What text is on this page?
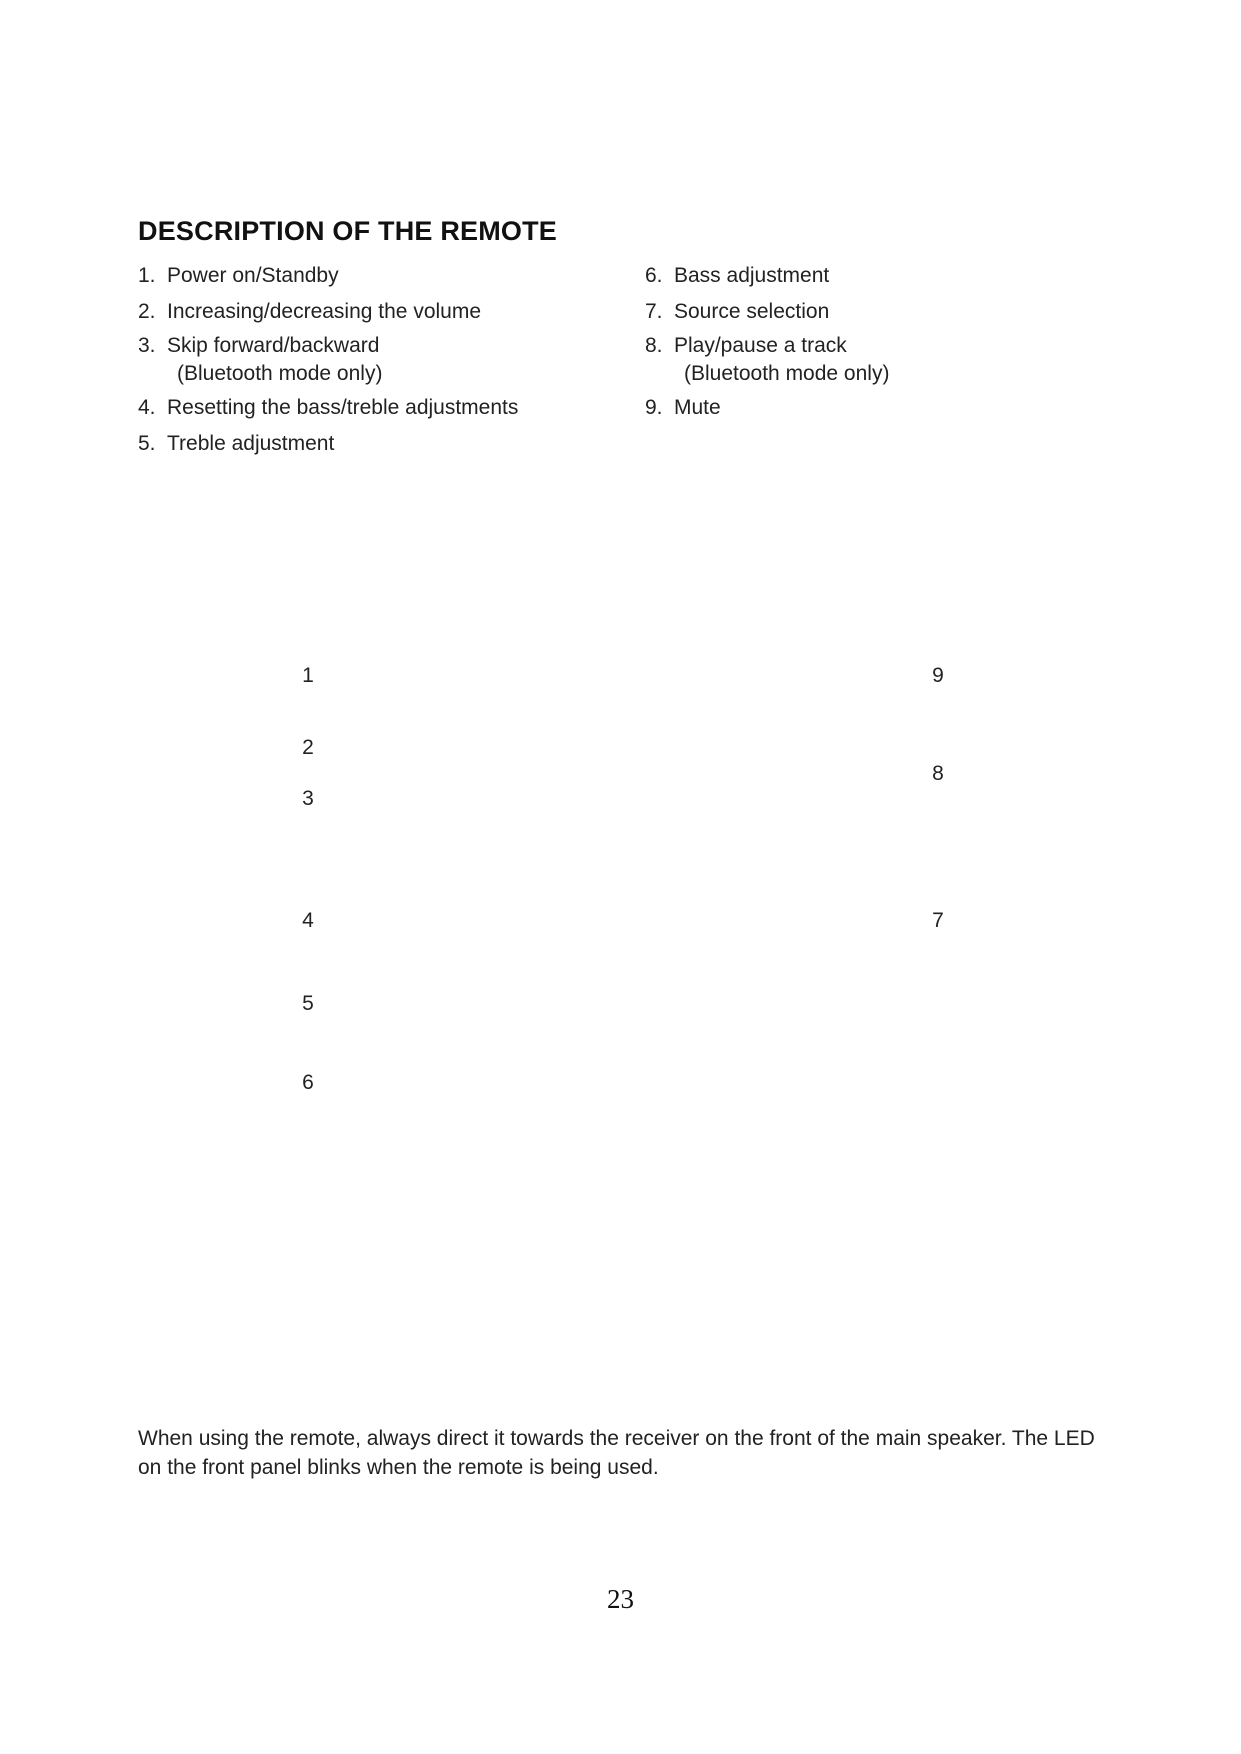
DESCRIPTION OF THE REMOTE
1. Power on/Standby
2. Increasing/decreasing the volume
3. Skip forward/backward
(Bluetooth mode only)
4. Resetting the bass/treble adjustments
5. Treble adjustment
6. Bass adjustment
7. Source selection
8. Play/pause a track
(Bluetooth mode only)
9. Mute
1
2
3
4
5
6
9
8
7
When using the remote, always direct it towards the receiver on the front of the main speaker. The LED on the front panel blinks when the remote is being used.
23
